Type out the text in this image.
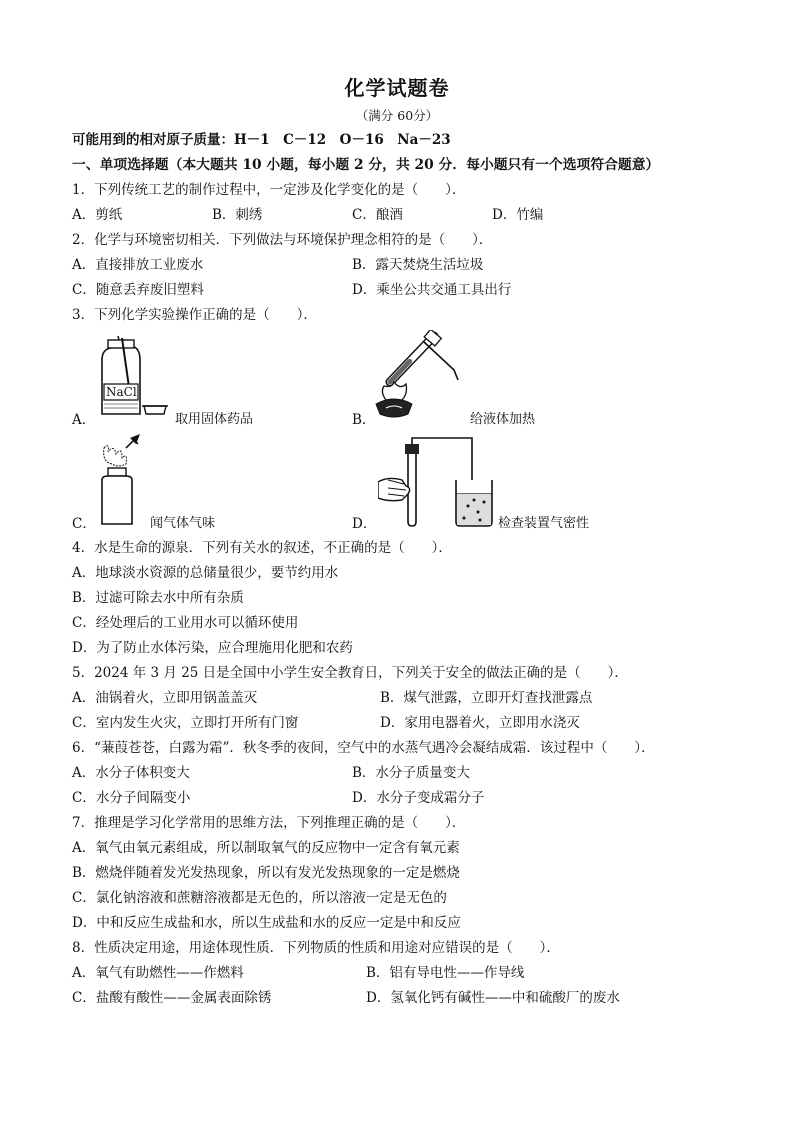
化学试题卷
（满分 60分）
可能用到的相对原子质量：H－1　C－12　O－16　Na－23
一、单项选择题（本大题共 10 小题，每小题 2 分，共 20 分．每小题只有一个选项符合题意）
1．下列传统工艺的制作过程中，一定涉及化学变化的是（　　）．
A．剪纸	B．刺绣	C．酿酒	D．竹编
2．化学与环境密切相关．下列做法与环境保护理念相符的是（　　）．
A．直接排放工业废水	B．露天焚烧生活垃圾
C．随意丢弃废旧塑料	D．乘坐公共交通工具出行
3．下列化学实验操作正确的是（　　）．
A．
NaCl
取用固体药品	B．	给液体加热
C．	闻气体气味	D．	检查装置气密性
4．水是生命的源泉．下列有关水的叙述，不正确的是（　　）．
A．地球淡水资源的总储量很少，要节约用水
B．过滤可除去水中所有杂质
C．经处理后的工业用水可以循环使用
D．为了防止水体污染，应合理施用化肥和农药
5．2024 年 3 月 25 日是全国中小学生安全教育日，下列关于安全的做法正确的是（　　）．
A．油锅着火，立即用锅盖盖灭	B．煤气泄露，立即开灯查找泄露点
C．室内发生火灾，立即打开所有门窗	D．家用电器着火，立即用水浇灭
6．“蒹葭苍苍，白露为霜”．秋冬季的夜间，空气中的水蒸气遇冷会凝结成霜．该过程中（　　）．
A．水分子体积变大	B．水分子质量变大
C．水分子间隔变小	D．水分子变成霜分子
7．推理是学习化学常用的思维方法，下列推理正确的是（　　）．
A．氧气由氧元素组成，所以制取氧气的反应物中一定含有氧元素
B．燃烧伴随着发光发热现象，所以有发光发热现象的一定是燃烧
C．氯化钠溶液和蔗糖溶液都是无色的，所以溶液一定是无色的
D．中和反应生成盐和水，所以生成盐和水的反应一定是中和反应
8．性质决定用途，用途体现性质．下列物质的性质和用途对应错误的是（　　）．
A．氧气有助燃性——作燃料	B．铝有导电性——作导线
C．盐酸有酸性——金属表面除锈	D．氢氧化钙有碱性——中和硫酸厂的废水
